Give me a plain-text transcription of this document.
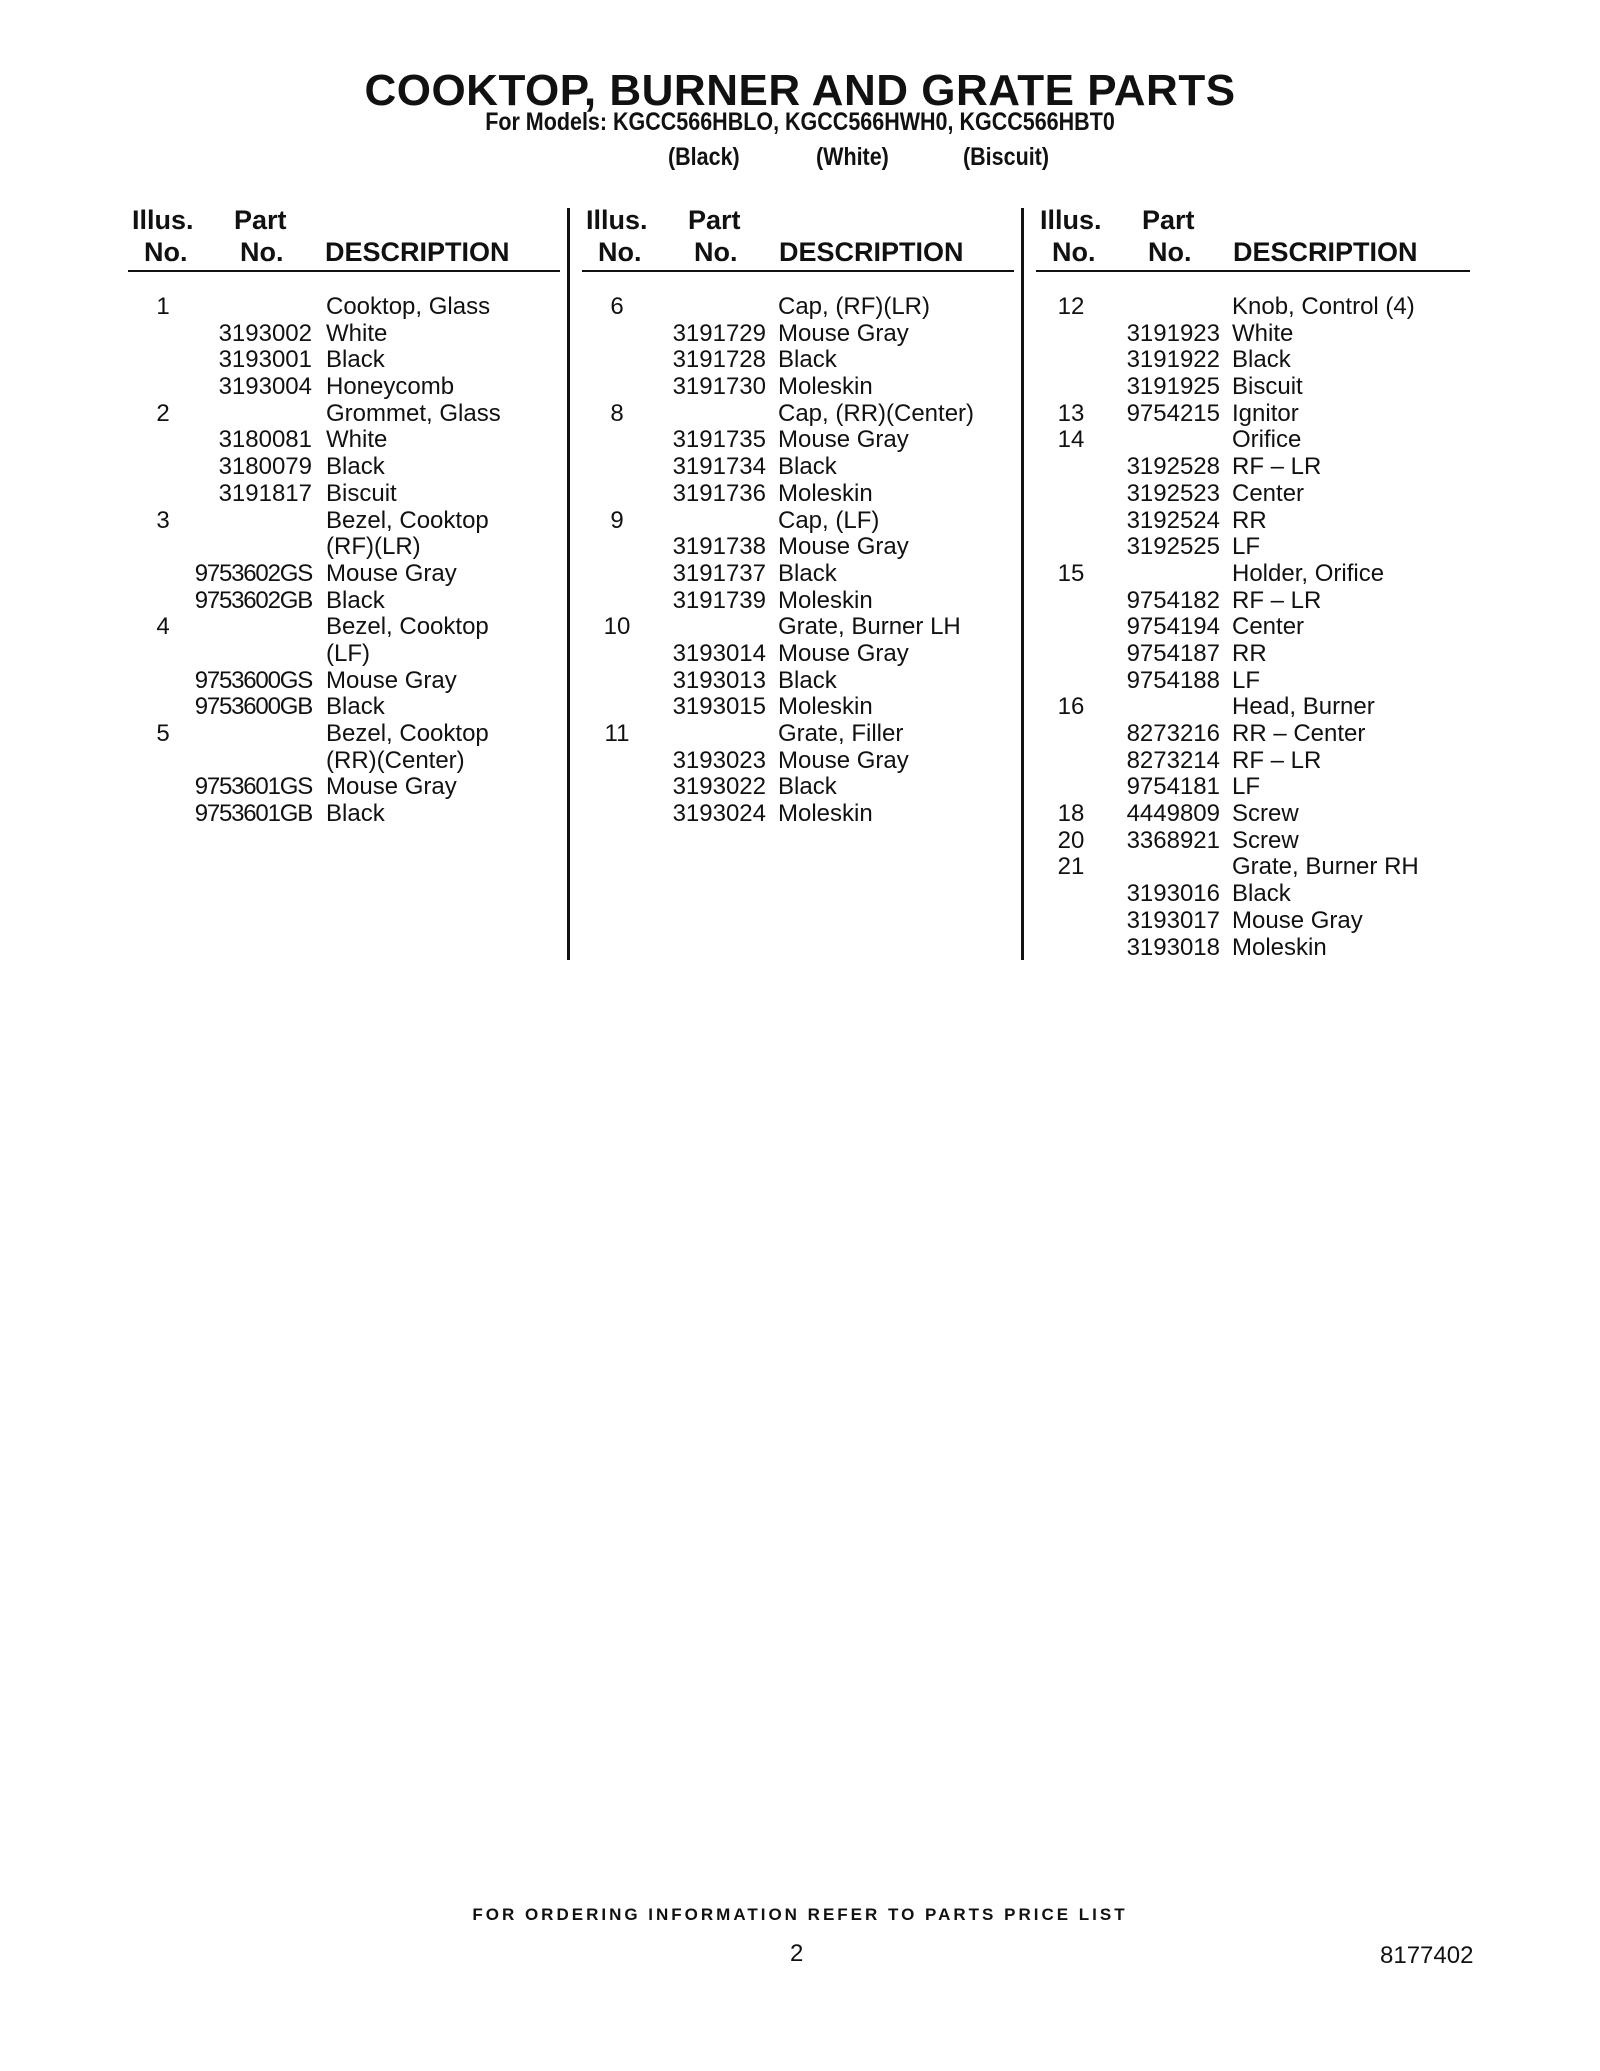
COOKTOP, BURNER AND GRATE PARTS
For Models: KGCC566HBLO, KGCC566HWH0, KGCC566HBT0
(Black)	(White)	(Biscuit)
Illus. Part
No. No. DESCRIPTION
1	Cooktop, Glass
3193002 White
3193001 Black
3193004 Honeycomb
2	Grommet, Glass
3180081 White
3180079 Black
3191817 Biscuit
3	Bezel, Cooktop
(RF)(LR)
9753602GS Mouse Gray
9753602GB Black
4	Bezel, Cooktop
(LF)
9753600GS Mouse Gray
9753600GB Black
5	Bezel, Cooktop
(RR)(Center)
9753601GS Mouse Gray
9753601GB Black
Illus. Part
No. No. DESCRIPTION
6	Cap, (RF)(LR)
3191729 Mouse Gray
3191728 Black
3191730 Moleskin
8	Cap, (RR)(Center)
3191735 Mouse Gray
3191734 Black
3191736 Moleskin
9	Cap, (LF)
3191738 Mouse Gray
3191737 Black
3191739 Moleskin
10	Grate, Burner LH
3193014 Mouse Gray
3193013 Black
3193015 Moleskin
11	Grate, Filler
3193023 Mouse Gray
3193022 Black
3193024 Moleskin
Illus. Part
No. No. DESCRIPTION
12	Knob, Control (4)
3191923 White
3191922 Black
3191925 Biscuit
13	9754215 Ignitor
14	Orifice
3192528 RF – LR
3192523 Center
3192524 RR
3192525 LF
15	Holder, Orifice
9754182 RF – LR
9754194 Center
9754187 RR
9754188 LF
16	Head, Burner
8273216 RR – Center
8273214 RF – LR
9754181 LF
18	4449809 Screw
20	3368921 Screw
21	Grate, Burner RH
3193016 Black
3193017 Mouse Gray
3193018 Moleskin
FOR ORDERING INFORMATION REFER TO PARTS PRICE LIST
2	8177402
